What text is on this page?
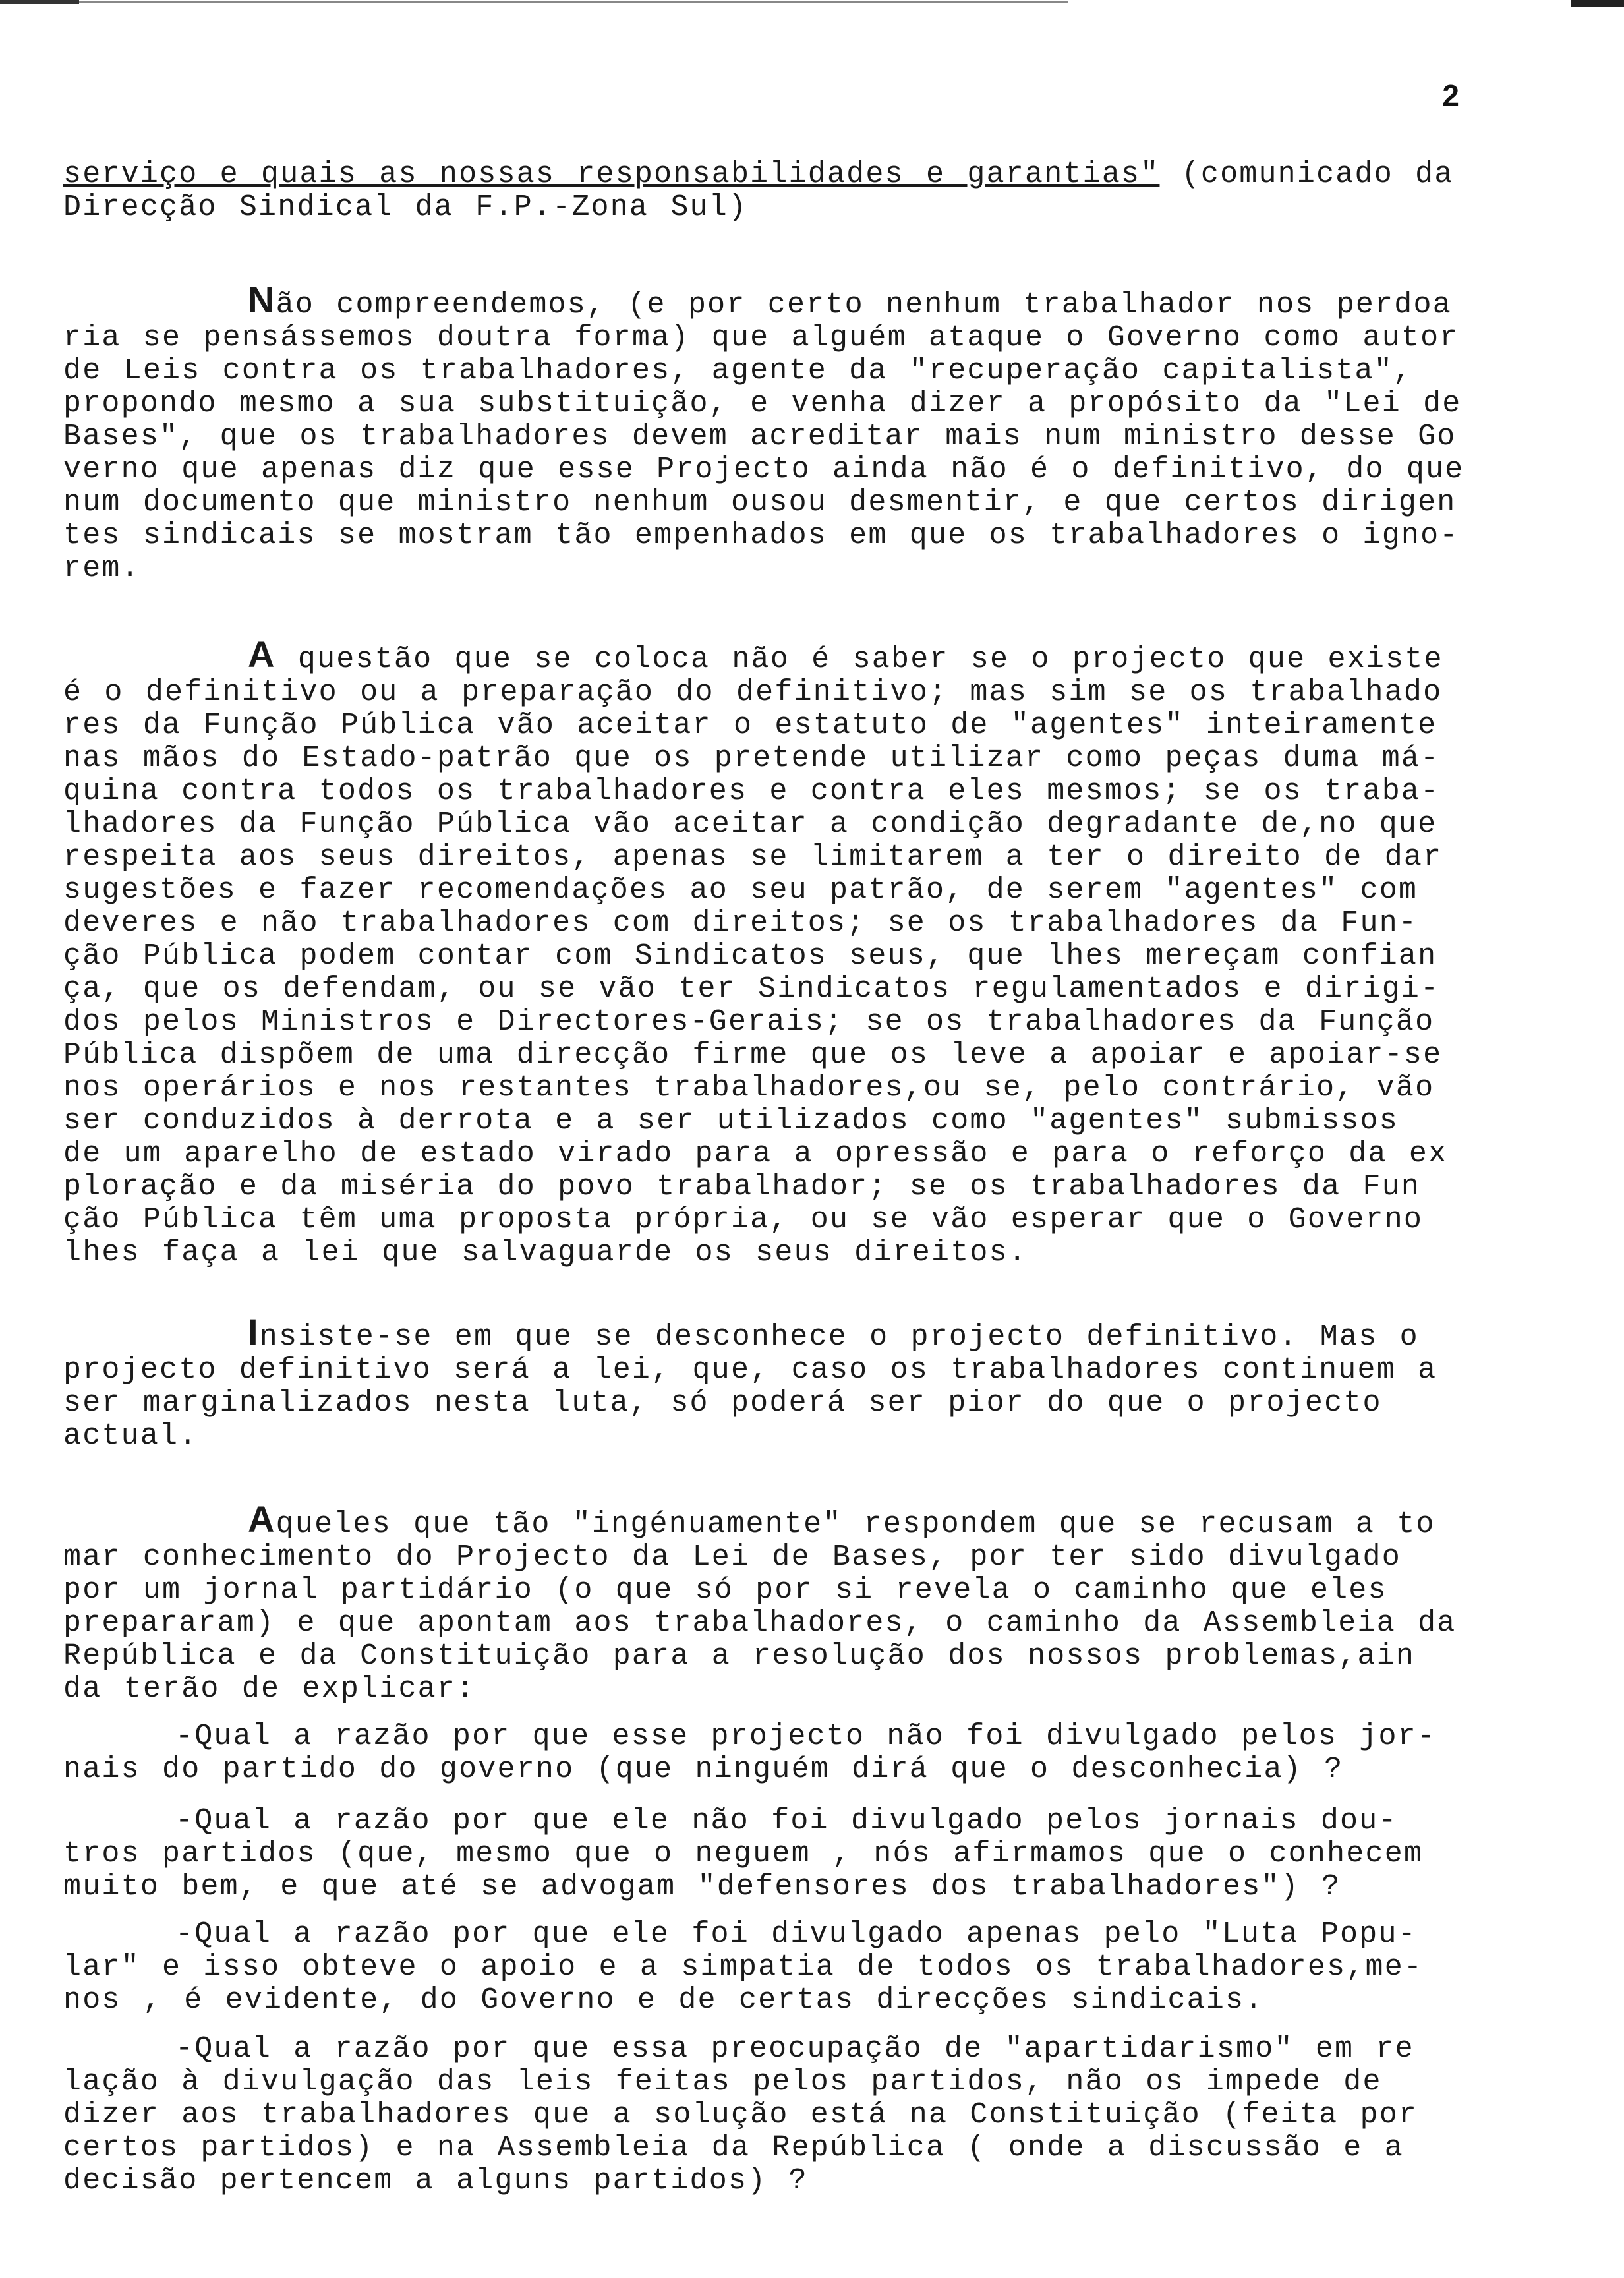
2
serviço e quais as nossas responsabilidades e garantias" (comunicado da
Direcção Sindical da F.P.-Zona Sul)
Não compreendemos, (e por certo nenhum trabalhador nos perdoa
ria se pensássemos doutra forma) que alguém ataque o Governo como autor
de Leis contra os trabalhadores, agente da "recuperação capitalista",
propondo mesmo a sua substituição, e venha dizer a propósito da "Lei de
Bases", que os trabalhadores devem acreditar mais num ministro desse Go
verno que apenas diz que esse Projecto ainda não é o definitivo, do que
num documento que ministro nenhum ousou desmentir, e que certos dirigen
tes sindicais se mostram tão empenhados em que os trabalhadores o igno-
rem.
A questão que se coloca não é saber se o projecto que existe
é o definitivo ou a preparação do definitivo; mas sim se os trabalhado
res da Função Pública vão aceitar o estatuto de "agentes" inteiramente
nas mãos do Estado-patrão que os pretende utilizar como peças duma má-
quina contra todos os trabalhadores e contra eles mesmos; se os traba-
lhadores da Função Pública vão aceitar a condição degradante de,no que
respeita aos seus direitos, apenas se limitarem a ter o direito de dar
sugestões e fazer recomendações ao seu patrão, de serem "agentes" com
deveres e não trabalhadores com direitos; se os trabalhadores da Fun-
ção Pública podem contar com Sindicatos seus, que lhes mereçam confian
ça, que os defendam, ou se vão ter Sindicatos regulamentados e dirigi-
dos pelos Ministros e Directores-Gerais; se os trabalhadores da Função
Pública dispõem de uma direcção firme que os leve a apoiar e apoiar-se
nos operários e nos restantes trabalhadores,ou se, pelo contrário, vão
ser conduzidos à derrota e a ser utilizados como "agentes" submissos
de um aparelho de estado virado para a opressão e para o reforço da ex
ploração e da miséria do povo trabalhador; se os trabalhadores da Fun
ção Pública têm uma proposta própria, ou se vão esperar que o Governo
lhes faça a lei que salvaguarde os seus direitos.
Insiste-se em que se desconhece o projecto definitivo. Mas o
projecto definitivo será a lei, que, caso os trabalhadores continuem a
ser marginalizados nesta luta, só poderá ser pior do que o projecto
actual.
Aqueles que tão "ingénuamente" respondem que se recusam a to
mar conhecimento do Projecto da Lei de Bases, por ter sido divulgado
por um jornal partidário (o que só por si revela o caminho que eles
prepararam) e que apontam aos trabalhadores, o caminho da Assembleia da
República e da Constituição para a resolução dos nossos problemas,ain
da terão de explicar:
-Qual a razão por que esse projecto não foi divulgado pelos jor-
nais do partido do governo (que ninguém dirá que o desconhecia) ?
-Qual a razão por que ele não foi divulgado pelos jornais dou-
tros partidos (que, mesmo que o neguem , nós afirmamos que o conhecem
muito bem, e que até se advogam "defensores dos trabalhadores") ?
-Qual a razão por que ele foi divulgado apenas pelo "Luta Popu-
lar" e isso obteve o apoio e a simpatia de todos os trabalhadores,me-
nos , é evidente, do Governo e de certas direcções sindicais.
-Qual a razão por que essa preocupação de "apartidarismo" em re
lação à divulgação das leis feitas pelos partidos, não os impede de
dizer aos trabalhadores que a solução está na Constituição (feita por
certos partidos) e na Assembleia da República ( onde a discussão e a
decisão pertencem a alguns partidos) ?
